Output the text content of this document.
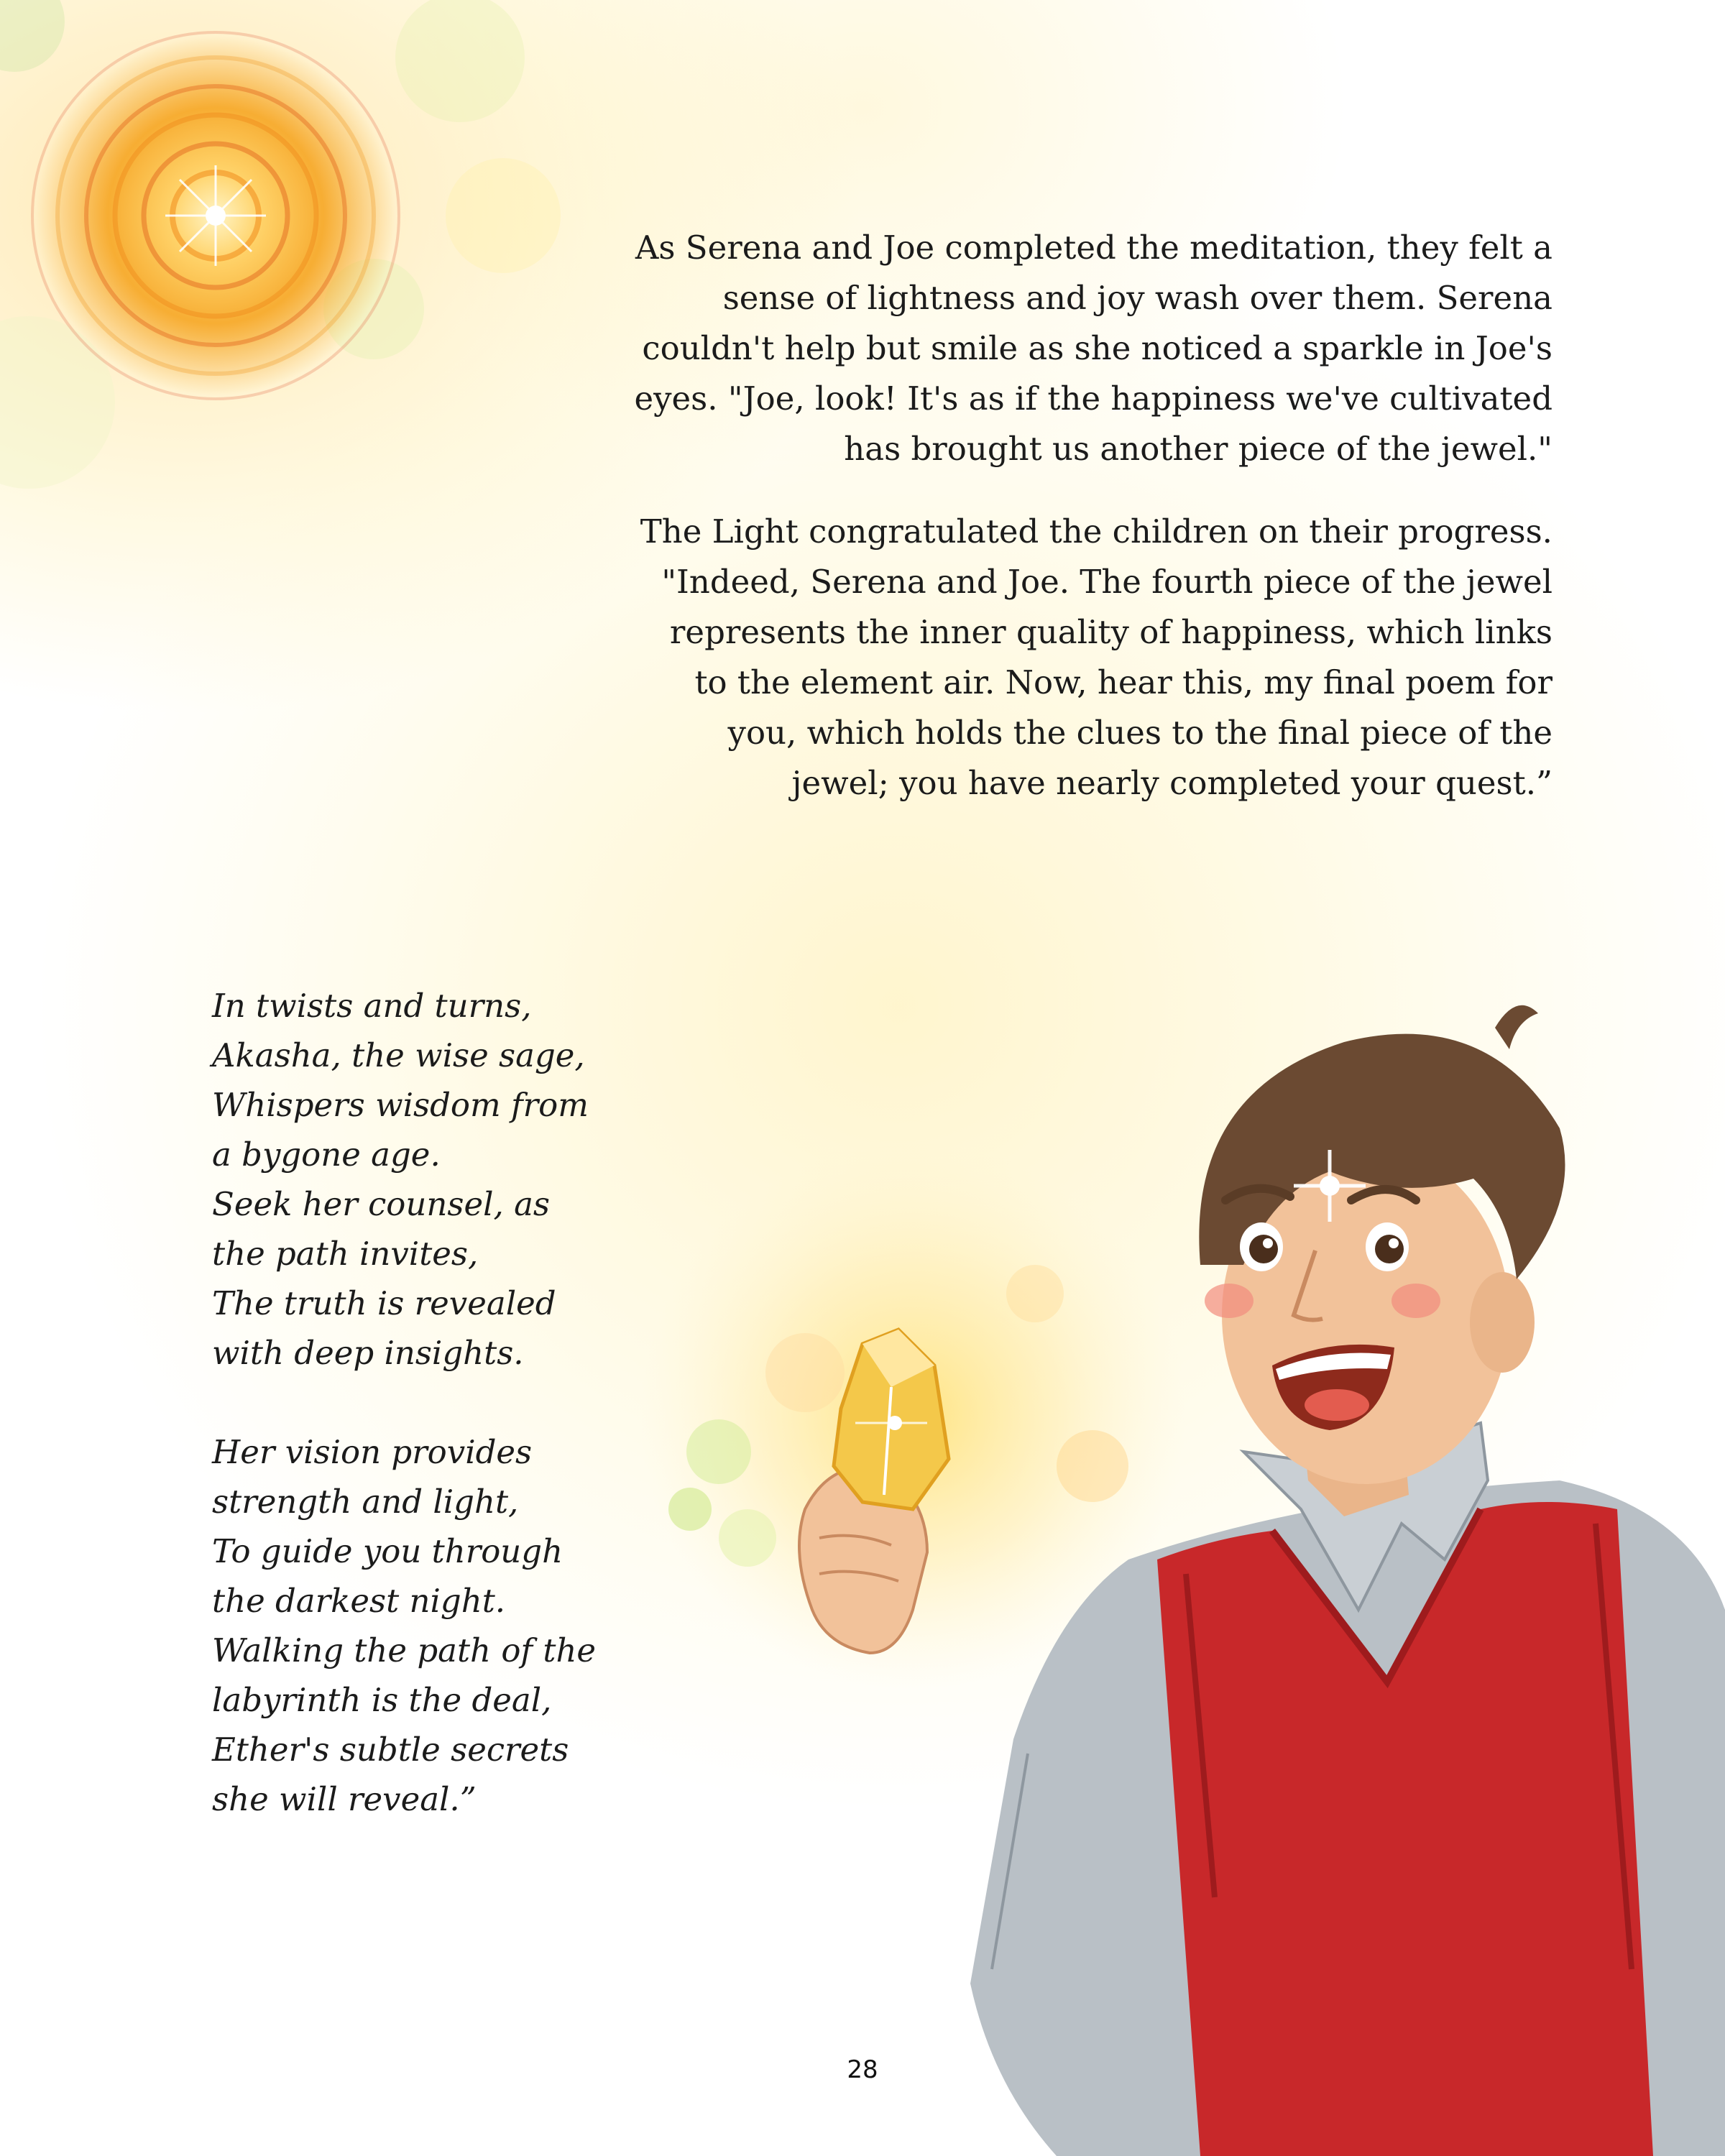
As Serena and Joe completed the meditation, they felt a sense of lightness and joy wash over them. Serena couldn't help but smile as she noticed a sparkle in Joe's eyes. "Joe, look! It's as if the happiness we've cultivated has brought us another piece of the jewel."

The Light congratulated the children on their progress. "Indeed, Serena and Joe. The fourth piece of the jewel represents the inner quality of happiness, which links to the element air. Now, hear this, my final poem for you, which holds the clues to the final piece of the jewel; you have nearly completed your quest.”

In twists and turns,
Akasha, the wise sage,
Whispers wisdom from
a bygone age.
Seek her counsel, as
the path invites,
The truth is revealed
with deep insights.
Her vision provides
strength and light,
To guide you through
the darkest night.
Walking the path of the
labyrinth is the deal,
Ether's subtle secrets
she will reveal.”
28
